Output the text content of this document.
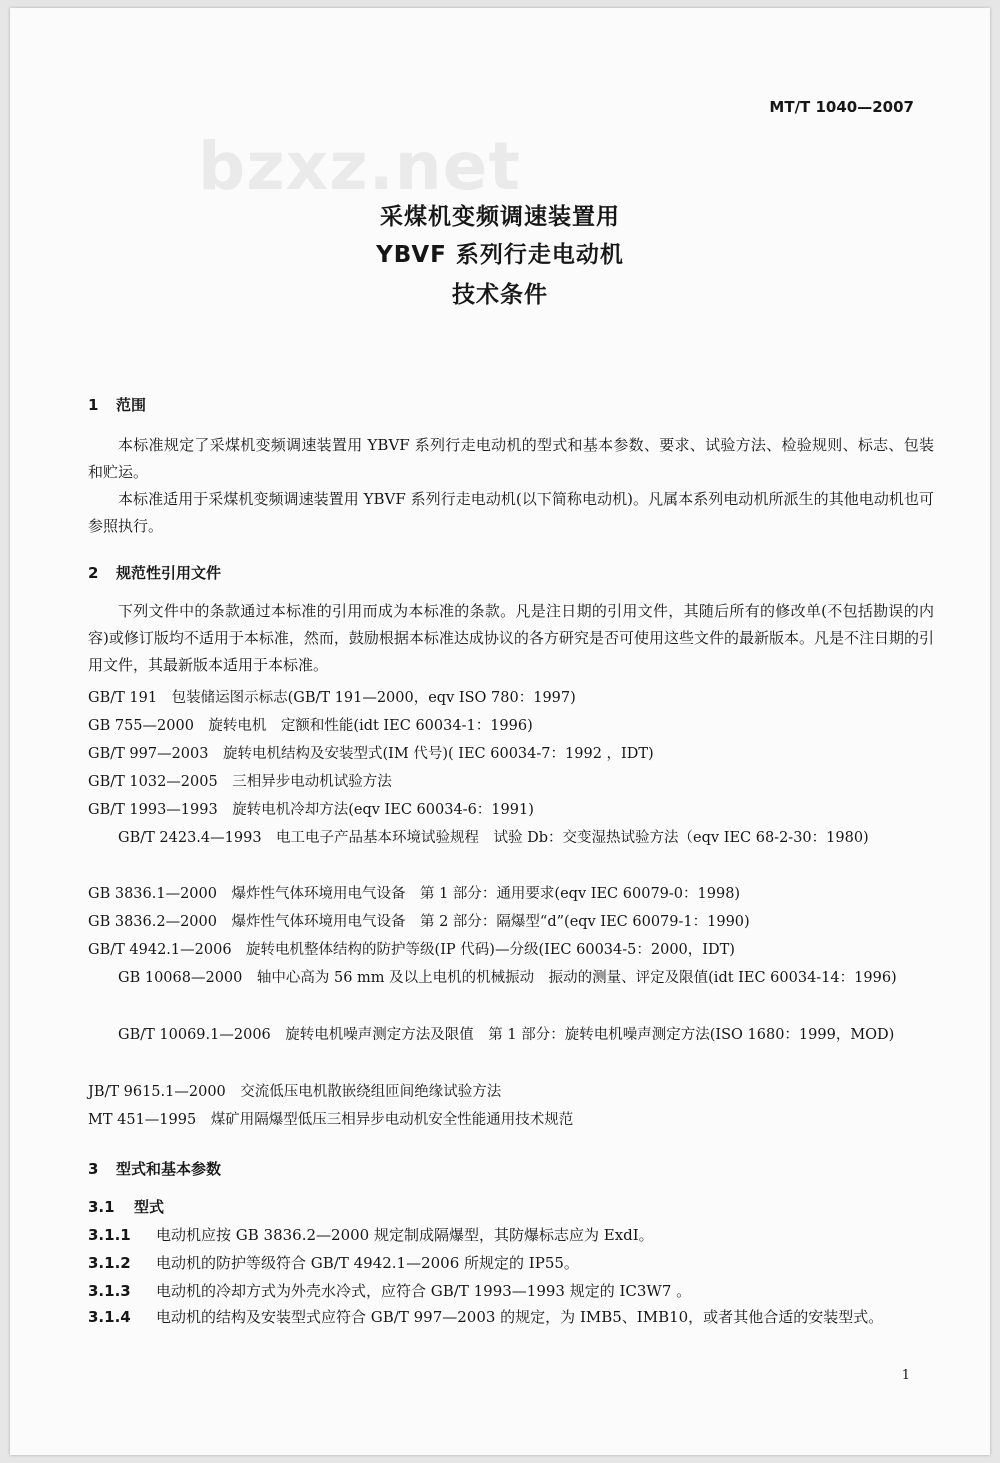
MT/T 1040—2007
bzxz.net
采煤机变频调速装置用
YBVF 系列行走电动机
技术条件
1 范围
本标准规定了采煤机变频调速装置用 YBVF 系列行走电动机的型式和基本参数、要求、试验方法、检验规则、标志、包装和贮运。
本标准适用于采煤机变频调速装置用 YBVF 系列行走电动机(以下简称电动机)。凡属本系列电动机所派生的其他电动机也可参照执行。
2 规范性引用文件
下列文件中的条款通过本标准的引用而成为本标准的条款。凡是注日期的引用文件，其随后所有的修改单(不包括勘误的内容)或修订版均不适用于本标准，然而，鼓励根据本标准达成协议的各方研究是否可使用这些文件的最新版本。凡是不注日期的引用文件，其最新版本适用于本标准。
GB/T 191　包装储运图示标志(GB/T 191—2000，eqv ISO 780：1997)
GB 755—2000　旋转电机　定额和性能(idt IEC 60034-1：1996)
GB/T 997—2003　旋转电机结构及安装型式(IM 代号)( IEC 60034-7：1992 ，IDT)
GB/T 1032—2005　三相异步电动机试验方法
GB/T 1993—1993　旋转电机冷却方法(eqv IEC 60034-6：1991)
GB/T 2423.4—1993　电工电子产品基本环境试验规程　试验 Db：交变湿热试验方法（eqv IEC 68-2-30：1980)
GB 3836.1—2000　爆炸性气体环境用电气设备　第 1 部分：通用要求(eqv IEC 60079-0：1998)
GB 3836.2—2000　爆炸性气体环境用电气设备　第 2 部分：隔爆型“d”(eqv IEC 60079-1：1990)
GB/T 4942.1—2006　旋转电机整体结构的防护等级(IP 代码)—分级(IEC 60034-5：2000，IDT)
GB 10068—2000　轴中心高为 56 mm 及以上电机的机械振动　振动的测量、评定及限值(idt IEC 60034-14：1996)
GB/T 10069.1—2006　旋转电机噪声测定方法及限值　第 1 部分：旋转电机噪声测定方法(ISO 1680：1999，MOD)
JB/T 9615.1—2000　交流低压电机散嵌绕组匝间绝缘试验方法
MT 451—1995　煤矿用隔爆型低压三相异步电动机安全性能通用技术规范
3 型式和基本参数
3.1 型式
3.1.1 电动机应按 GB 3836.2—2000 规定制成隔爆型，其防爆标志应为 ExdⅠ。
3.1.2 电动机的防护等级符合 GB/T 4942.1—2006 所规定的 IP55。
3.1.3 电动机的冷却方式为外壳水冷式，应符合 GB/T 1993—1993 规定的 IC3W7 。
3.1.4 电动机的结构及安装型式应符合 GB/T 997—2003 的规定，为 IMB5、IMB10，或者其他合适的安装型式。
1
